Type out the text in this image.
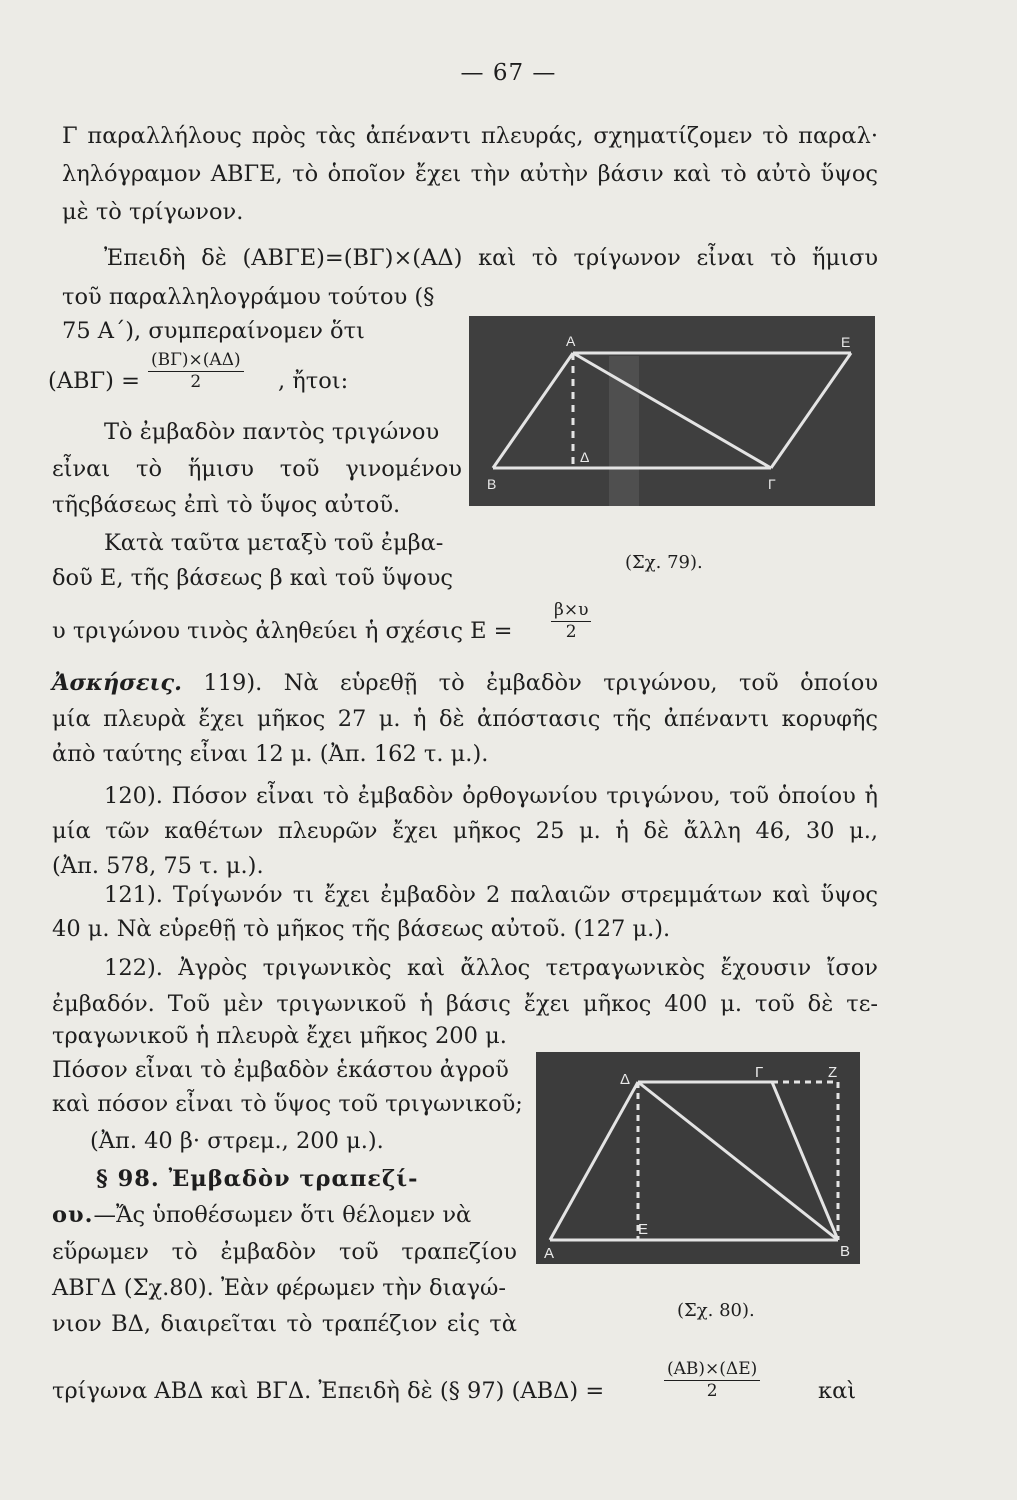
— 67 —
Γ παραλλήλους πρὸς τὰς ἀπέναντι πλευράς, σχηματίζομεν τὸ παραλ·
ληλόγραμον ΑΒΓΕ, τὸ ὁποῖον ἔχει τὴν αὐτὴν βάσιν καὶ τὸ αὐτὸ ὕψος
μὲ τὸ τρίγωνον.
Ἐπειδὴ δὲ (ΑΒΓΕ)=(ΒΓ)×(ΑΔ) καὶ τὸ τρίγωνον εἶναι τὸ ἥμισυ
τοῦ παραλληλογράμου τούτου (§
75 Α΄), συμπεραίνομεν ὅτι
$(AB\Gamma) = \frac{(B\Gamma)\times(A\Delta)}{2}$ , ἤτοι:
Τὸ ἐμβαδὸν παντὸς τριγώνου
εἶναι τὸ ἥμισυ τοῦ γινομένου
τῆςβάσεως ἐπὶ τὸ ὕψος αὐτοῦ.
Κατὰ ταῦτα μεταξὺ τοῦ ἐμβα-
δοῦ Ε, τῆς βάσεως β καὶ τοῦ ὕψους
Α	Ε
Β	Γ
Δ
(Σχ. 79).
υ τριγώνου τινὸς ἀληθεύει ἡ σχέσις $E = \frac{\beta\times\upsilon}{2}$
Ἀσκήσεις. 119). Νὰ εὑρεθῇ τὸ ἐμβαδὸν τριγώνου, τοῦ ὁποίου
μία πλευρὰ ἔχει μῆκος 27 μ. ἡ δὲ ἀπόστασις τῆς ἀπέναντι κορυφῆς
ἀπὸ ταύτης εἶναι 12 μ. (Ἀπ. 162 τ. μ.).
120). Πόσον εἶναι τὸ ἐμβαδὸν ὀρθογωνίου τριγώνου, τοῦ ὁποίου ἡ
μία τῶν καθέτων πλευρῶν ἔχει μῆκος 25 μ. ἡ δὲ ἄλλη 46, 30 μ.,
(Ἀπ. 578, 75 τ. μ.).
121). Τρίγωνόν τι ἔχει ἐμβαδὸν 2 παλαιῶν στρεμμάτων καὶ ὕψος
40 μ. Νὰ εὑρεθῇ τὸ μῆκος τῆς βάσεως αὐτοῦ. (127 μ.).
122). Ἀγρὸς τριγωνικὸς καὶ ἄλλος τετραγωνικὸς ἔχουσιν ἴσον
ἐμβαδόν. Τοῦ μὲν τριγωνικοῦ ἡ βάσις ἔχει μῆκος 400 μ. τοῦ δὲ τε-
τραγωνικοῦ ἡ πλευρὰ ἔχει μῆκος 200 μ.
Πόσον εἶναι τὸ ἐμβαδὸν ἑκάστου ἀγροῦ
καὶ πόσον εἶναι τὸ ὕψος τοῦ τριγωνικοῦ;
(Ἀπ. 40 β· στρεμ., 200 μ.).
§ 98. Ἐμβαδὸν τραπεζί-
ου.—Ἄς ὑποθέσωμεν ὅτι θέλομεν νὰ
εὕρωμεν τὸ ἐμβαδὸν τοῦ τραπεζίου
ΑΒΓΔ (Σχ.80). Ἐὰν φέρωμεν τὴν διαγώ-
νιον ΒΔ, διαιρεῖται τὸ τραπέζιον εἰς τὰ
Δ	Γ	Ζ
Α
Ε
Β
(Σχ. 80).
τρίγωνα ΑΒΔ καὶ ΒΓΔ. Ἐπειδὴ δὲ (§ 97) (ΑΒΔ) =	$\frac{(AB)\times(\Delta E)}{2}$	καὶ
